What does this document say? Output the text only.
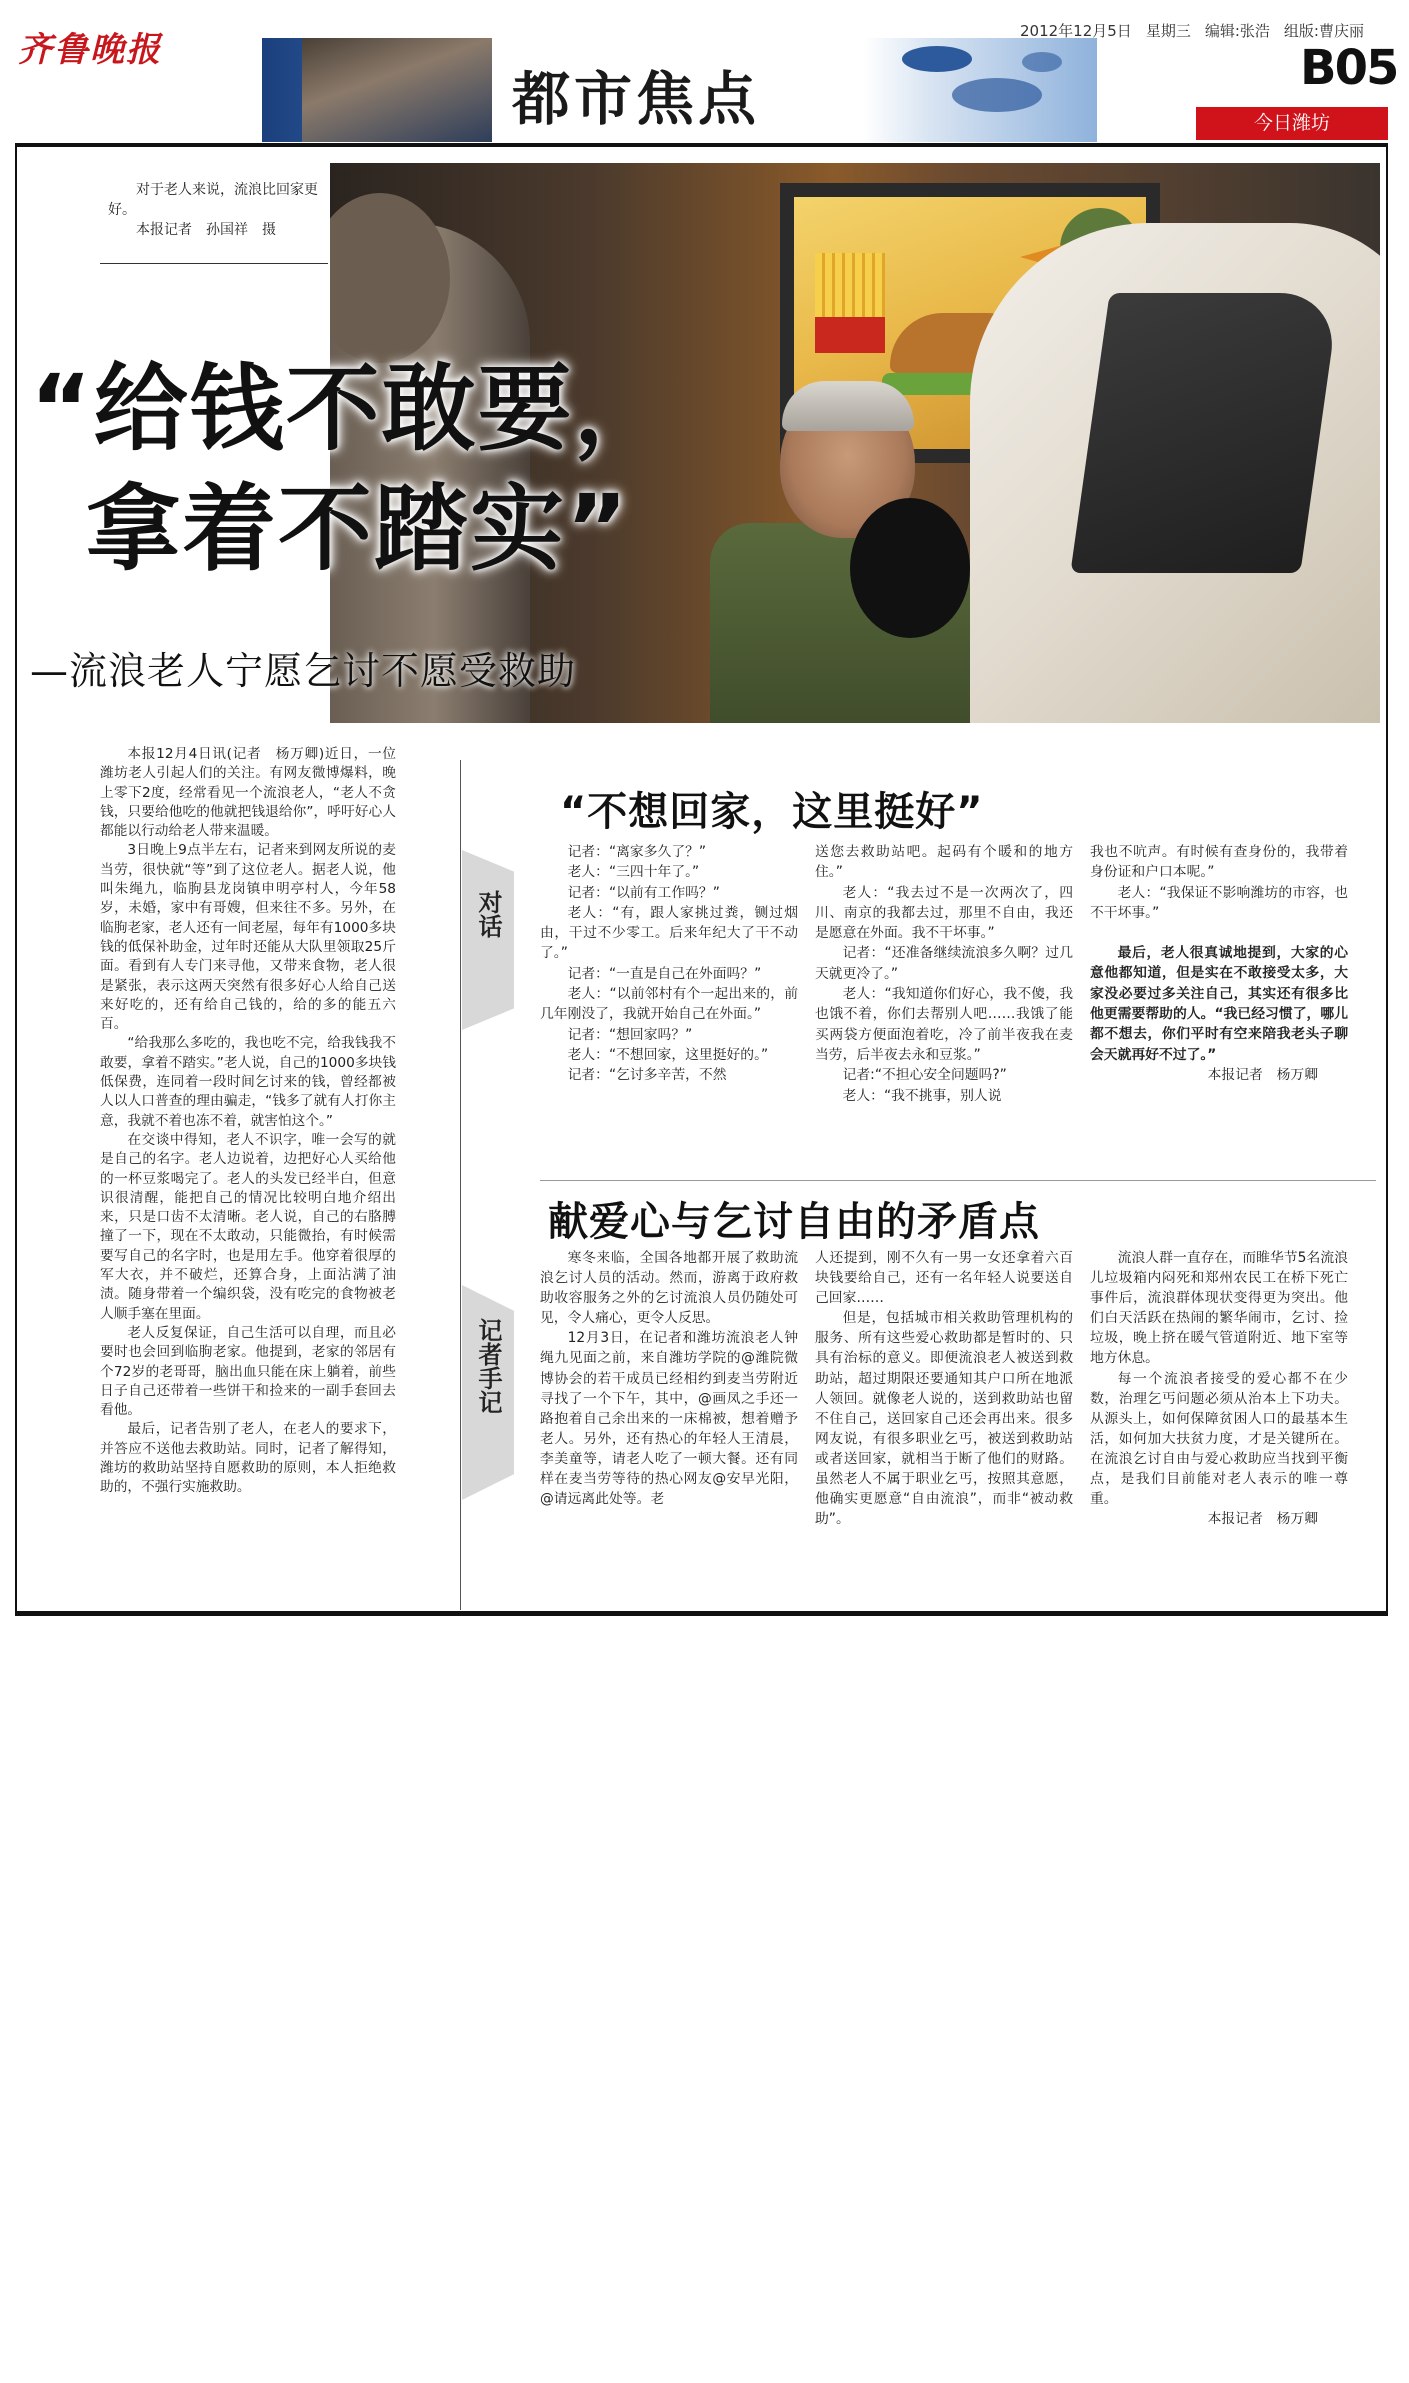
齐鲁晚报
都市焦点
2012年12月5日 星期三 编辑:张浩 组版:曹庆丽
B05
今日潍坊

对于老人来说，流浪比回家更好。

本报记者　孙国祥　摄

“给钱不敢要，
拿着不踏实”
—流浪老人宁愿乞讨不愿受救助

本报12月4日讯(记者　杨万卿)近日，一位潍坊老人引起人们的关注。有网友微博爆料，晚上零下2度，经常看见一个流浪老人，“老人不贪钱，只要给他吃的他就把钱退给你”，呼吁好心人都能以行动给老人带来温暖。

3日晚上9点半左右，记者来到网友所说的麦当劳，很快就“等”到了这位老人。据老人说，他叫朱绳九，临朐县龙岗镇申明亭村人，今年58岁，未婚，家中有哥嫂，但来往不多。另外，在临朐老家，老人还有一间老屋，每年有1000多块钱的低保补助金，过年时还能从大队里领取25斤面。看到有人专门来寻他，又带来食物，老人很是紧张，表示这两天突然有很多好心人给自己送来好吃的，还有给自己钱的，给的多的能五六百。

“给我那么多吃的，我也吃不完，给我钱我不敢要，拿着不踏实。”老人说，自己的1000多块钱低保费，连同着一段时间乞讨来的钱，曾经都被人以人口普查的理由骗走，“钱多了就有人打你主意，我就不着也冻不着，就害怕这个。”

在交谈中得知，老人不识字，唯一会写的就是自己的名字。老人边说着，边把好心人买给他的一杯豆浆喝完了。老人的头发已经半白，但意识很清醒，能把自己的情况比较明白地介绍出来，只是口齿不太清晰。老人说，自己的右胳膊撞了一下，现在不太敢动，只能微抬，有时候需要写自己的名字时，也是用左手。他穿着很厚的军大衣，并不破烂，还算合身，上面沾满了油渍。随身带着一个编织袋，没有吃完的食物被老人顺手塞在里面。

老人反复保证，自己生活可以自理，而且必要时也会回到临朐老家。他提到，老家的邻居有个72岁的老哥哥，脑出血只能在床上躺着，前些日子自己还带着一些饼干和捡来的一副手套回去看他。

最后，记者告别了老人，在老人的要求下，并答应不送他去救助站。同时，记者了解得知，潍坊的救助站坚持自愿救助的原则，本人拒绝救助的，不强行实施救助。

对话
“不想回家，这里挺好”

记者：“离家多久了？”

老人：“三四十年了。”

记者：“以前有工作吗？”

老人：“有，跟人家挑过粪，铡过烟由，干过不少零工。后来年纪大了干不动了。”

记者：“一直是自己在外面吗？”

老人：“以前邻村有个一起出来的，前几年刚没了，我就开始自己在外面。”

记者：“想回家吗？”

老人：“不想回家，这里挺好的。”

记者：“乞讨多辛苦，不然

送您去救助站吧。起码有个暖和的地方住。”

老人：“我去过不是一次两次了，四川、南京的我都去过，那里不自由，我还是愿意在外面。我不干坏事。”

记者：“还准备继续流浪多久啊？过几天就更冷了。”

老人：“我知道你们好心，我不傻，我也饿不着，你们去帮别人吧……我饿了能买两袋方便面泡着吃，冷了前半夜我在麦当劳，后半夜去永和豆浆。”

记者:“不担心安全问题吗?”

老人：“我不挑事，别人说

我也不吭声。有时候有查身份的，我带着身份证和户口本呢。”

老人：“我保证不影响潍坊的市容，也不干坏事。”

最后，老人很真诚地提到，大家的心意他都知道，但是实在不敢接受太多，大家没必要过多关注自己，其实还有很多比他更需要帮助的人。“我已经习惯了，哪儿都不想去，你们平时有空来陪我老头子聊会天就再好不过了。”

本报记者　杨万卿

记者手记
献爱心与乞讨自由的矛盾点

寒冬来临，全国各地都开展了救助流浪乞讨人员的活动。然而，游离于政府救助收容服务之外的乞讨流浪人员仍随处可见，令人痛心，更令人反思。

12月3日，在记者和潍坊流浪老人钟绳九见面之前，来自潍坊学院的@潍院微博协会的若干成员已经相约到麦当劳附近寻找了一个下午，其中，@画凤之手还一路抱着自己余出来的一床棉被，想着赠予老人。另外，还有热心的年轻人王清晨，李美童等，请老人吃了一顿大餐。还有同样在麦当劳等待的热心网友@安早光阳，@请远离此处等。老

人还提到，刚不久有一男一女还拿着六百块钱要给自己，还有一名年轻人说要送自己回家……

但是，包括城市相关救助管理机构的服务、所有这些爱心救助都是暂时的、只具有治标的意义。即便流浪老人被送到救助站，超过期限还要通知其户口所在地派人领回。就像老人说的，送到救助站也留不住自己，送回家自己还会再出来。很多网友说，有很多职业乞丐，被送到救助站或者送回家，就相当于断了他们的财路。虽然老人不属于职业乞丐，按照其意愿，他确实更愿意“自由流浪”，而非“被动救助”。

流浪人群一直存在，而睢华节5名流浪儿垃圾箱内闷死和郑州农民工在桥下死亡事件后，流浪群体现状变得更为突出。他们白天活跃在热闹的繁华闹市，乞讨、捡垃圾，晚上挤在暖气管道附近、地下室等地方休息。

每一个流浪者接受的爱心都不在少数，治理乞丐问题必须从治本上下功夫。从源头上，如何保障贫困人口的最基本生活，如何加大扶贫力度，才是关键所在。在流浪乞讨自由与爱心救助应当找到平衡点，是我们目前能对老人表示的唯一尊重。

本报记者　杨万卿
